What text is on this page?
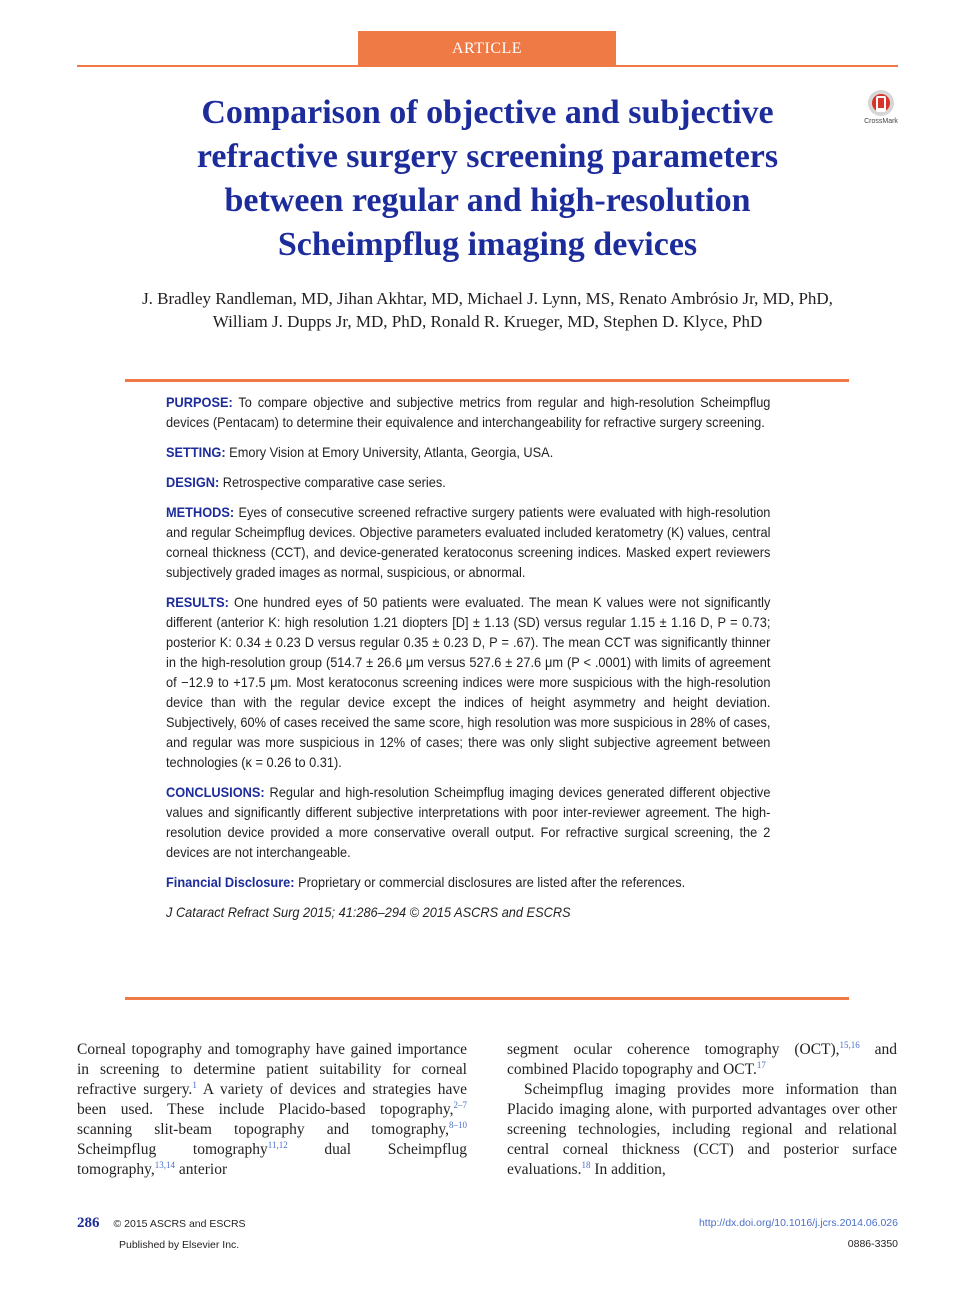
ARTICLE
Comparison of objective and subjective
refractive surgery screening parameters
between regular and high-resolution
Scheimpflug imaging devices
CrossMark
J. Bradley Randleman, MD, Jihan Akhtar, MD, Michael J. Lynn, MS, Renato Ambrósio Jr, MD, PhD,
William J. Dupps Jr, MD, PhD, Ronald R. Krueger, MD, Stephen D. Klyce, PhD

PURPOSE: To compare objective and subjective metrics from regular and high-resolution Scheimpflug devices (Pentacam) to determine their equivalence and interchangeability for refractive surgery screening.

SETTING: Emory Vision at Emory University, Atlanta, Georgia, USA.

DESIGN: Retrospective comparative case series.

METHODS: Eyes of consecutive screened refractive surgery patients were evaluated with high-resolution and regular Scheimpflug devices. Objective parameters evaluated included keratometry (K) values, central corneal thickness (CCT), and device-generated keratoconus screening indices. Masked expert reviewers subjectively graded images as normal, suspicious, or abnormal.

RESULTS: One hundred eyes of 50 patients were evaluated. The mean K values were not significantly different (anterior K: high resolution 1.21 diopters [D] ± 1.13 (SD) versus regular 1.15 ± 1.16 D, P = 0.73; posterior K: 0.34 ± 0.23 D versus regular 0.35 ± 0.23 D, P = .67). The mean CCT was significantly thinner in the high-resolution group (514.7 ± 26.6 μm versus 527.6 ± 27.6 μm (P < .0001) with limits of agreement of −12.9 to +17.5 μm. Most keratoconus screening indices were more suspicious with the high-resolution device than with the regular device except the indices of height asymmetry and height deviation. Subjectively, 60% of cases received the same score, high resolution was more suspicious in 28% of cases, and regular was more suspicious in 12% of cases; there was only slight subjective agreement between technologies (κ = 0.26 to 0.31).

CONCLUSIONS: Regular and high-resolution Scheimpflug imaging devices generated different objective values and significantly different subjective interpretations with poor inter-reviewer agreement. The high-resolution device provided a more conservative overall output. For refractive surgical screening, the 2 devices are not interchangeable.

Financial Disclosure: Proprietary or commercial disclosures are listed after the references.

J Cataract Refract Surg 2015; 41:286–294 © 2015 ASCRS and ESCRS

Corneal topography and tomography have gained importance in screening to determine patient suitability for corneal refractive surgery.$^1$ A variety of devices and strategies have been used. These include Placido-based topography,$^{2-7}$ scanning slit-beam topography and tomography,$^{8-10}$ Scheimpflug tomography$^{11,12}$ dual Scheimpflug tomography,$^{13,14}$ anterior

segment ocular coherence tomography (OCT),$^{15,16}$ and combined Placido topography and OCT.$^{17}$

Scheimpflug imaging provides more information than Placido imaging alone, with purported advantages over other screening technologies, including regional and relational central corneal thickness (CCT) and posterior surface evaluations.$^{18}$ In addition,

286 © 2015 ASCRS and ESCRS
Published by Elsevier Inc.
http://dx.doi.org/10.1016/j.jcrs.2014.06.026
0886-3350
